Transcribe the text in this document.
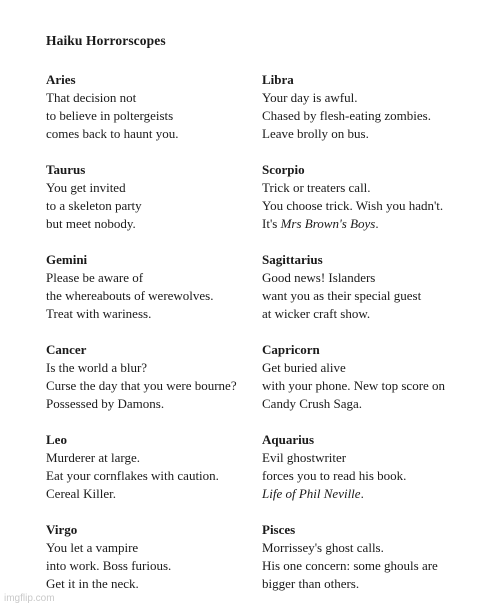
Haiku Horrorscopes
Aries
That decision not
to believe in poltergeists
comes back to haunt you.
Taurus
You get invited
to a skeleton party
but meet nobody.
Gemini
Please be aware of
the whereabouts of werewolves.
Treat with wariness.
Cancer
Is the world a blur?
Curse the day that you were bourne?
Possessed by Damons.
Leo
Murderer at large.
Eat your cornflakes with caution.
Cereal Killer.
Virgo
You let a vampire
into work. Boss furious.
Get it in the neck.
Libra
Your day is awful.
Chased by flesh-eating zombies.
Leave brolly on bus.
Scorpio
Trick or treaters call.
You choose trick. Wish you hadn't.
It's Mrs Brown's Boys.
Sagittarius
Good news! Islanders
want you as their special guest
at wicker craft show.
Capricorn
Get buried alive
with your phone. New top score on
Candy Crush Saga.
Aquarius
Evil ghostwriter
forces you to read his book.
Life of Phil Neville.
Pisces
Morrissey's ghost calls.
His one concern: some ghouls are
bigger than others.
imgflip.com
